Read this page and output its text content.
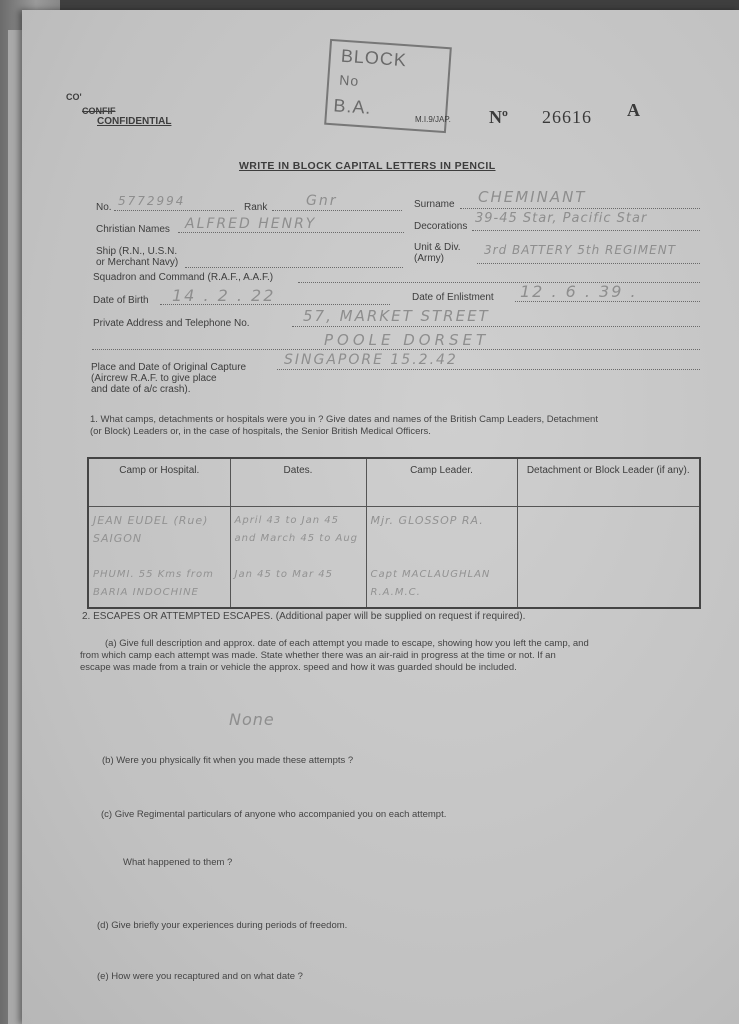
CO'
CONFIF
CONFIDENTIAL
BLOCK
No
B.A.
M.I.9/JAP. Nº 26616 A
WRITE IN BLOCK CAPITAL LETTERS IN PENCIL
No. 5772994	Rank	Gnr	Surname CHEMINANT
Christian Names ALFRED HENRY	Decorations
39-45 Star, Pacific Star
Ship (R.N., U.S.N.
or Merchant Navy)
Unit & Div.
(Army)
3rd BATTERY 5th REGIMENT
Squadron and Command (R.A.F., A.A.F.)
Date of Birth 14 . 2 . 22	Date of Enlistment 12 . 6 . 39 .
Private Address and Telephone No.	57, MARKET STREET
POOLE DORSET
Place and Date of Original Capture
(Aircrew R.A.F. to give place
and date of a/c crash).
SINGAPORE 15.2.42
1. What camps, detachments or hospitals were you in ? Give dates and names of the British Camp Leaders, Detachment
(or Block) Leaders or, in the case of hospitals, the Senior British Medical Officers.
Camp or Hospital.	Dates.	Camp Leader.	Detachment or Block Leader (if any).

JEAN EUDEL (Rue) SAIGON	April 43 to Jan 45 and March 45 to Aug	Mjr. GLOSSOP RA.	

PHUMI. 55 Kms from BARIA INDOCHINE	Jan 45 to Mar 45	Capt MACLAUGHLAN R.A.M.C.	

2. ESCAPES OR ATTEMPTED ESCAPES. (Additional paper will be supplied on request if required).
(a) Give full description and approx. date of each attempt you made to escape, showing how you left the camp, and
from which camp each attempt was made. State whether there was an air-raid in progress at the time or not. If an
escape was made from a train or vehicle the approx. speed and how it was guarded should be included.
None
(b) Were you physically fit when you made these attempts ?
(c) Give Regimental particulars of anyone who accompanied you on each attempt.
What happened to them ?
(d) Give briefly your experiences during periods of freedom.
(e) How were you recaptured and on what date ?
